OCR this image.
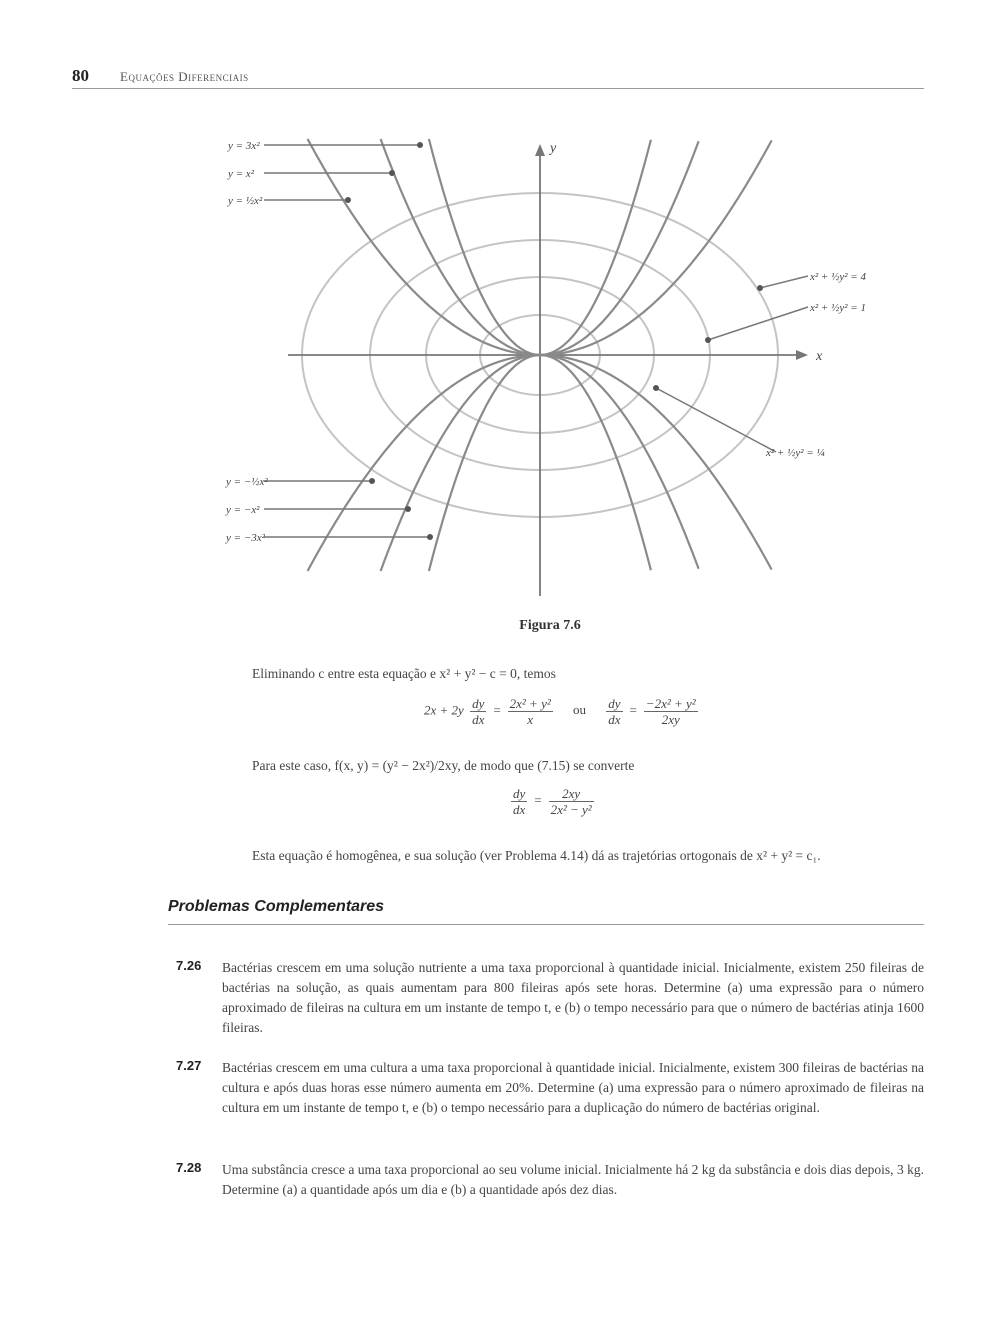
80 Equações Diferenciais
x
y
y = 3x²
y = x²
y = ½x²
y = −½x²
y = −x²
y = −3x²
x² + ½y² = 4
x² + ½y² = 1
x² + ½y² = ¼
Figura 7.6
Eliminando c entre esta equação e x² + y² − c = 0, temos
$2x + 2y \frac{dy}{dx} = \frac{\text{2x² + y²}}{x}$ ou $\frac{dy}{dx} = \frac{\text{−2x² + y²}}{2xy}$
Para este caso, f(x, y) = (y² − 2x²)/2xy, de modo que (7.15) se converte
$\frac{dy}{dx} = \frac{2xy}{\text{2x² − y²}}$
Esta equação é homogênea, e sua solução (ver Problema 4.14) dá as trajetórias ortogonais de x² + y² = c₁.
Problemas Complementares
7.26 Bactérias crescem em uma solução nutriente a uma taxa proporcional à quantidade inicial. Inicialmente, existem 250 fileiras de bactérias na solução, as quais aumentam para 800 fileiras após sete horas. Determine (a) uma expressão para o número aproximado de fileiras na cultura em um instante de tempo t, e (b) o tempo necessário para que o número de bactérias atinja 1600 fileiras.
7.27 Bactérias crescem em uma cultura a uma taxa proporcional à quantidade inicial. Inicialmente, existem 300 fileiras de bactérias na cultura e após duas horas esse número aumenta em 20%. Determine (a) uma expressão para o número aproximado de fileiras na cultura em um instante de tempo t, e (b) o tempo necessário para a duplicação do número de bactérias original.
7.28 Uma substância cresce a uma taxa proporcional ao seu volume inicial. Inicialmente há 2 kg da substância e dois dias depois, 3 kg. Determine (a) a quantidade após um dia e (b) a quantidade após dez dias.
